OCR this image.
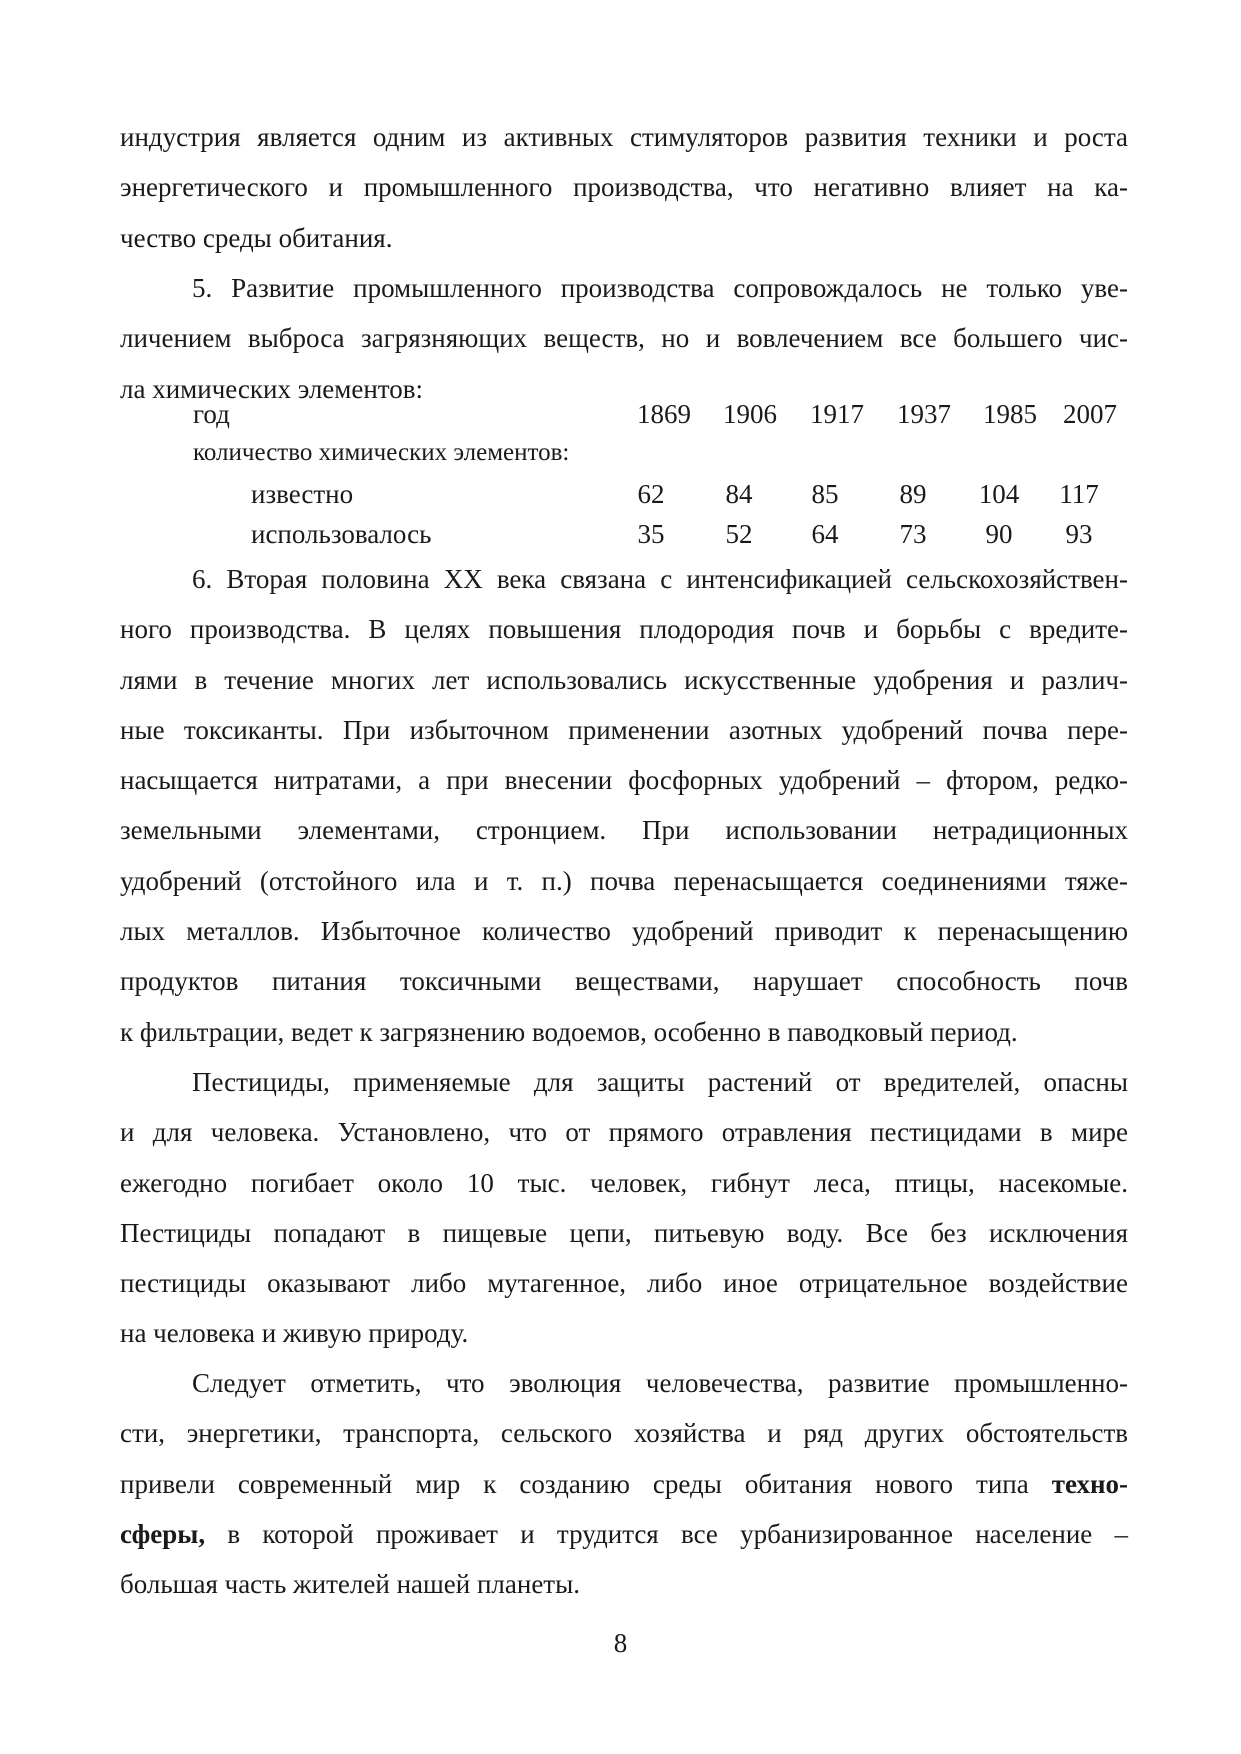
индустрия является одним из активных стимуляторов развития техники и роста
энергетического и промышленного производства, что негативно влияет на ка-
чество среды обитания.
5. Развитие промышленного производства сопровождалось не только уве-
личением выброса загрязняющих веществ, но и вовлечением все большего чис-
ла химических элементов:
год	1869	1906	1917	1937	1985 2007
количество химических элементов:
известно	62	84	85	89	104	117
использовалось	35	52	64	73	90	93
6. Вторая половина XX века связана с интенсификацией сельскохозяйствен-
ного производства. В целях повышения плодородия почв и борьбы с вредите-
лями в течение многих лет использовались искусственные удобрения и различ-
ные токсиканты. При избыточном применении азотных удобрений почва пере-
насыщается нитратами, а при внесении фосфорных удобрений – фтором, редко-
земельными элементами, стронцием. При использовании нетрадиционных
удобрений (отстойного ила и т. п.) почва перенасыщается соединениями тяже-
лых металлов. Избыточное количество удобрений приводит к перенасыщению
продуктов питания токсичными веществами, нарушает способность почв
к фильтрации, ведет к загрязнению водоемов, особенно в паводковый период.
Пестициды, применяемые для защиты растений от вредителей, опасны
и для человека. Установлено, что от прямого отравления пестицидами в мире
ежегодно погибает около 10 тыс. человек, гибнут леса, птицы, насекомые.
Пестициды попадают в пищевые цепи, питьевую воду. Все без исключения
пестициды оказывают либо мутагенное, либо иное отрицательное воздействие
на человека и живую природу.
Следует отметить, что эволюция человечества, развитие промышленно-
сти, энергетики, транспорта, сельского хозяйства и ряд других обстоятельств
привели современный мир к созданию среды обитания нового типа техно-
сферы, в которой проживает и трудится все урбанизированное население –
большая часть жителей нашей планеты.
8
